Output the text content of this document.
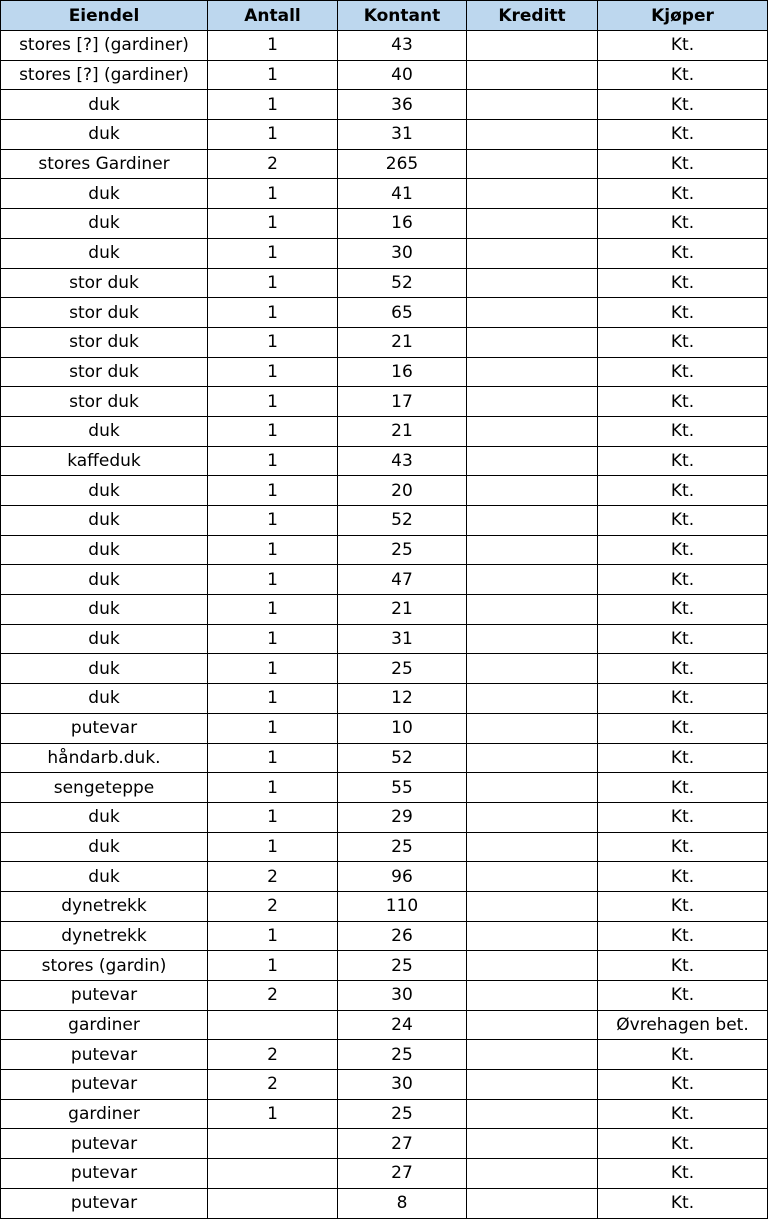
Eiendel	Antall	Kontant	Kreditt	Kjøper
stores [?] (gardiner)	1	43		Kt.
stores [?] (gardiner)	1	40		Kt.
duk	1	36		Kt.
duk	1	31		Kt.
stores Gardiner	2	265		Kt.
duk	1	41		Kt.
duk	1	16		Kt.
duk	1	30		Kt.
stor duk	1	52		Kt.
stor duk	1	65		Kt.
stor duk	1	21		Kt.
stor duk	1	16		Kt.
stor duk	1	17		Kt.
duk	1	21		Kt.
kaffeduk	1	43		Kt.
duk	1	20		Kt.
duk	1	52		Kt.
duk	1	25		Kt.
duk	1	47		Kt.
duk	1	21		Kt.
duk	1	31		Kt.
duk	1	25		Kt.
duk	1	12		Kt.
putevar	1	10		Kt.
håndarb.duk.	1	52		Kt.
sengeteppe	1	55		Kt.
duk	1	29		Kt.
duk	1	25		Kt.
duk	2	96		Kt.
dynetrekk	2	110		Kt.
dynetrekk	1	26		Kt.
stores (gardin)	1	25		Kt.
putevar	2	30		Kt.
gardiner		24		Øvrehagen bet.
putevar	2	25		Kt.
putevar	2	30		Kt.
gardiner	1	25		Kt.
putevar		27		Kt.
putevar		27		Kt.
putevar		8		Kt.
